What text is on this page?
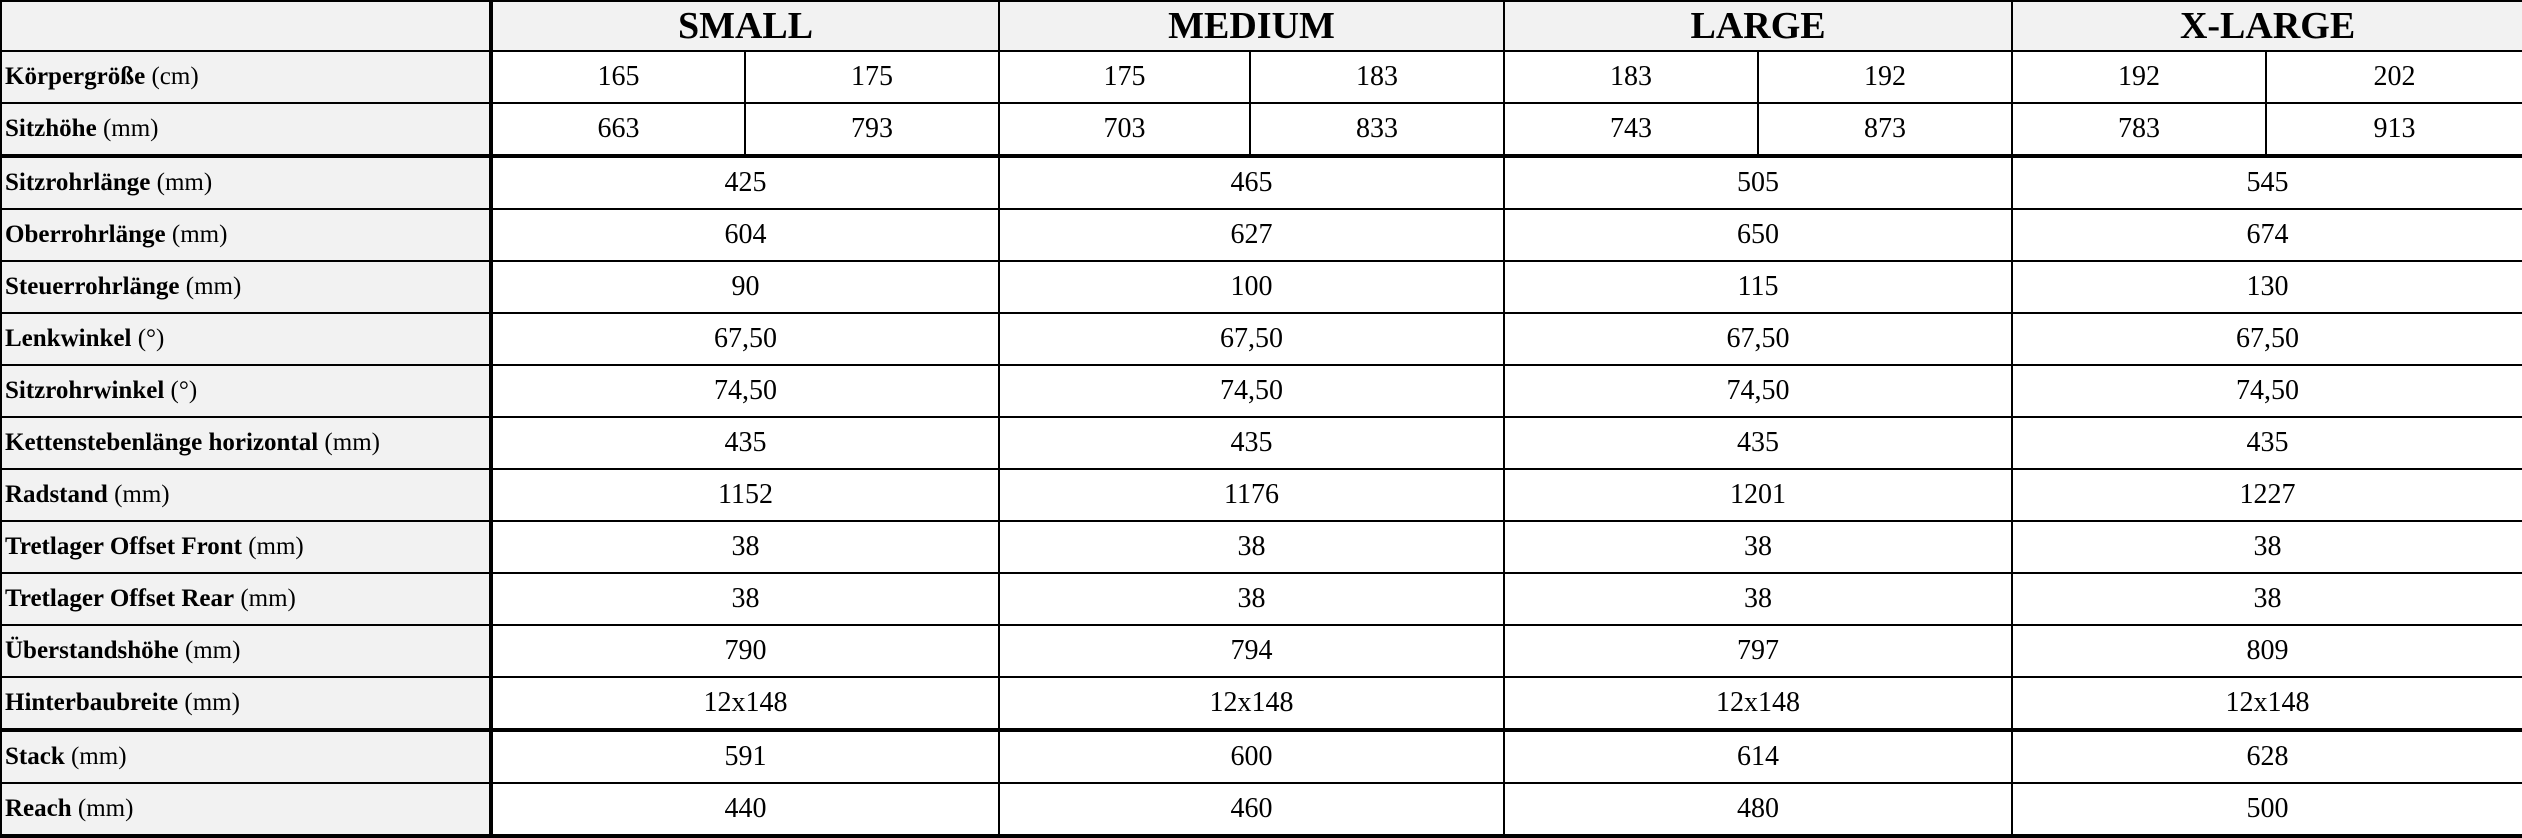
	SMALL		MEDIUM		LARGE		X-LARGE	
Körpergröße (cm)	165	175	175	183	183	192	192	202
Sitzhöhe (mm)	663	793	703	833	743	873	783	913
Sitzrohrlänge (mm)	425		465		505		545	
Oberrohrlänge (mm)	604		627		650		674	
Steuerrohrlänge (mm)	90		100		115		130	
Lenkwinkel (°)	67,50		67,50		67,50		67,50	
Sitzrohrwinkel (°)	74,50		74,50		74,50		74,50	
Kettenstebenlänge horizontal (mm)	435		435		435		435	
Radstand (mm)	1152		1176		1201		1227	
Tretlager Offset Front (mm)	38		38		38		38	
Tretlager Offset Rear (mm)	38		38		38		38	
Überstandshöhe (mm)	790		794		797		809	
Hinterbaubreite (mm)	12x148		12x148		12x148		12x148	
Stack (mm)	591		600		614		628	
Reach (mm)	440		460		480		500	
